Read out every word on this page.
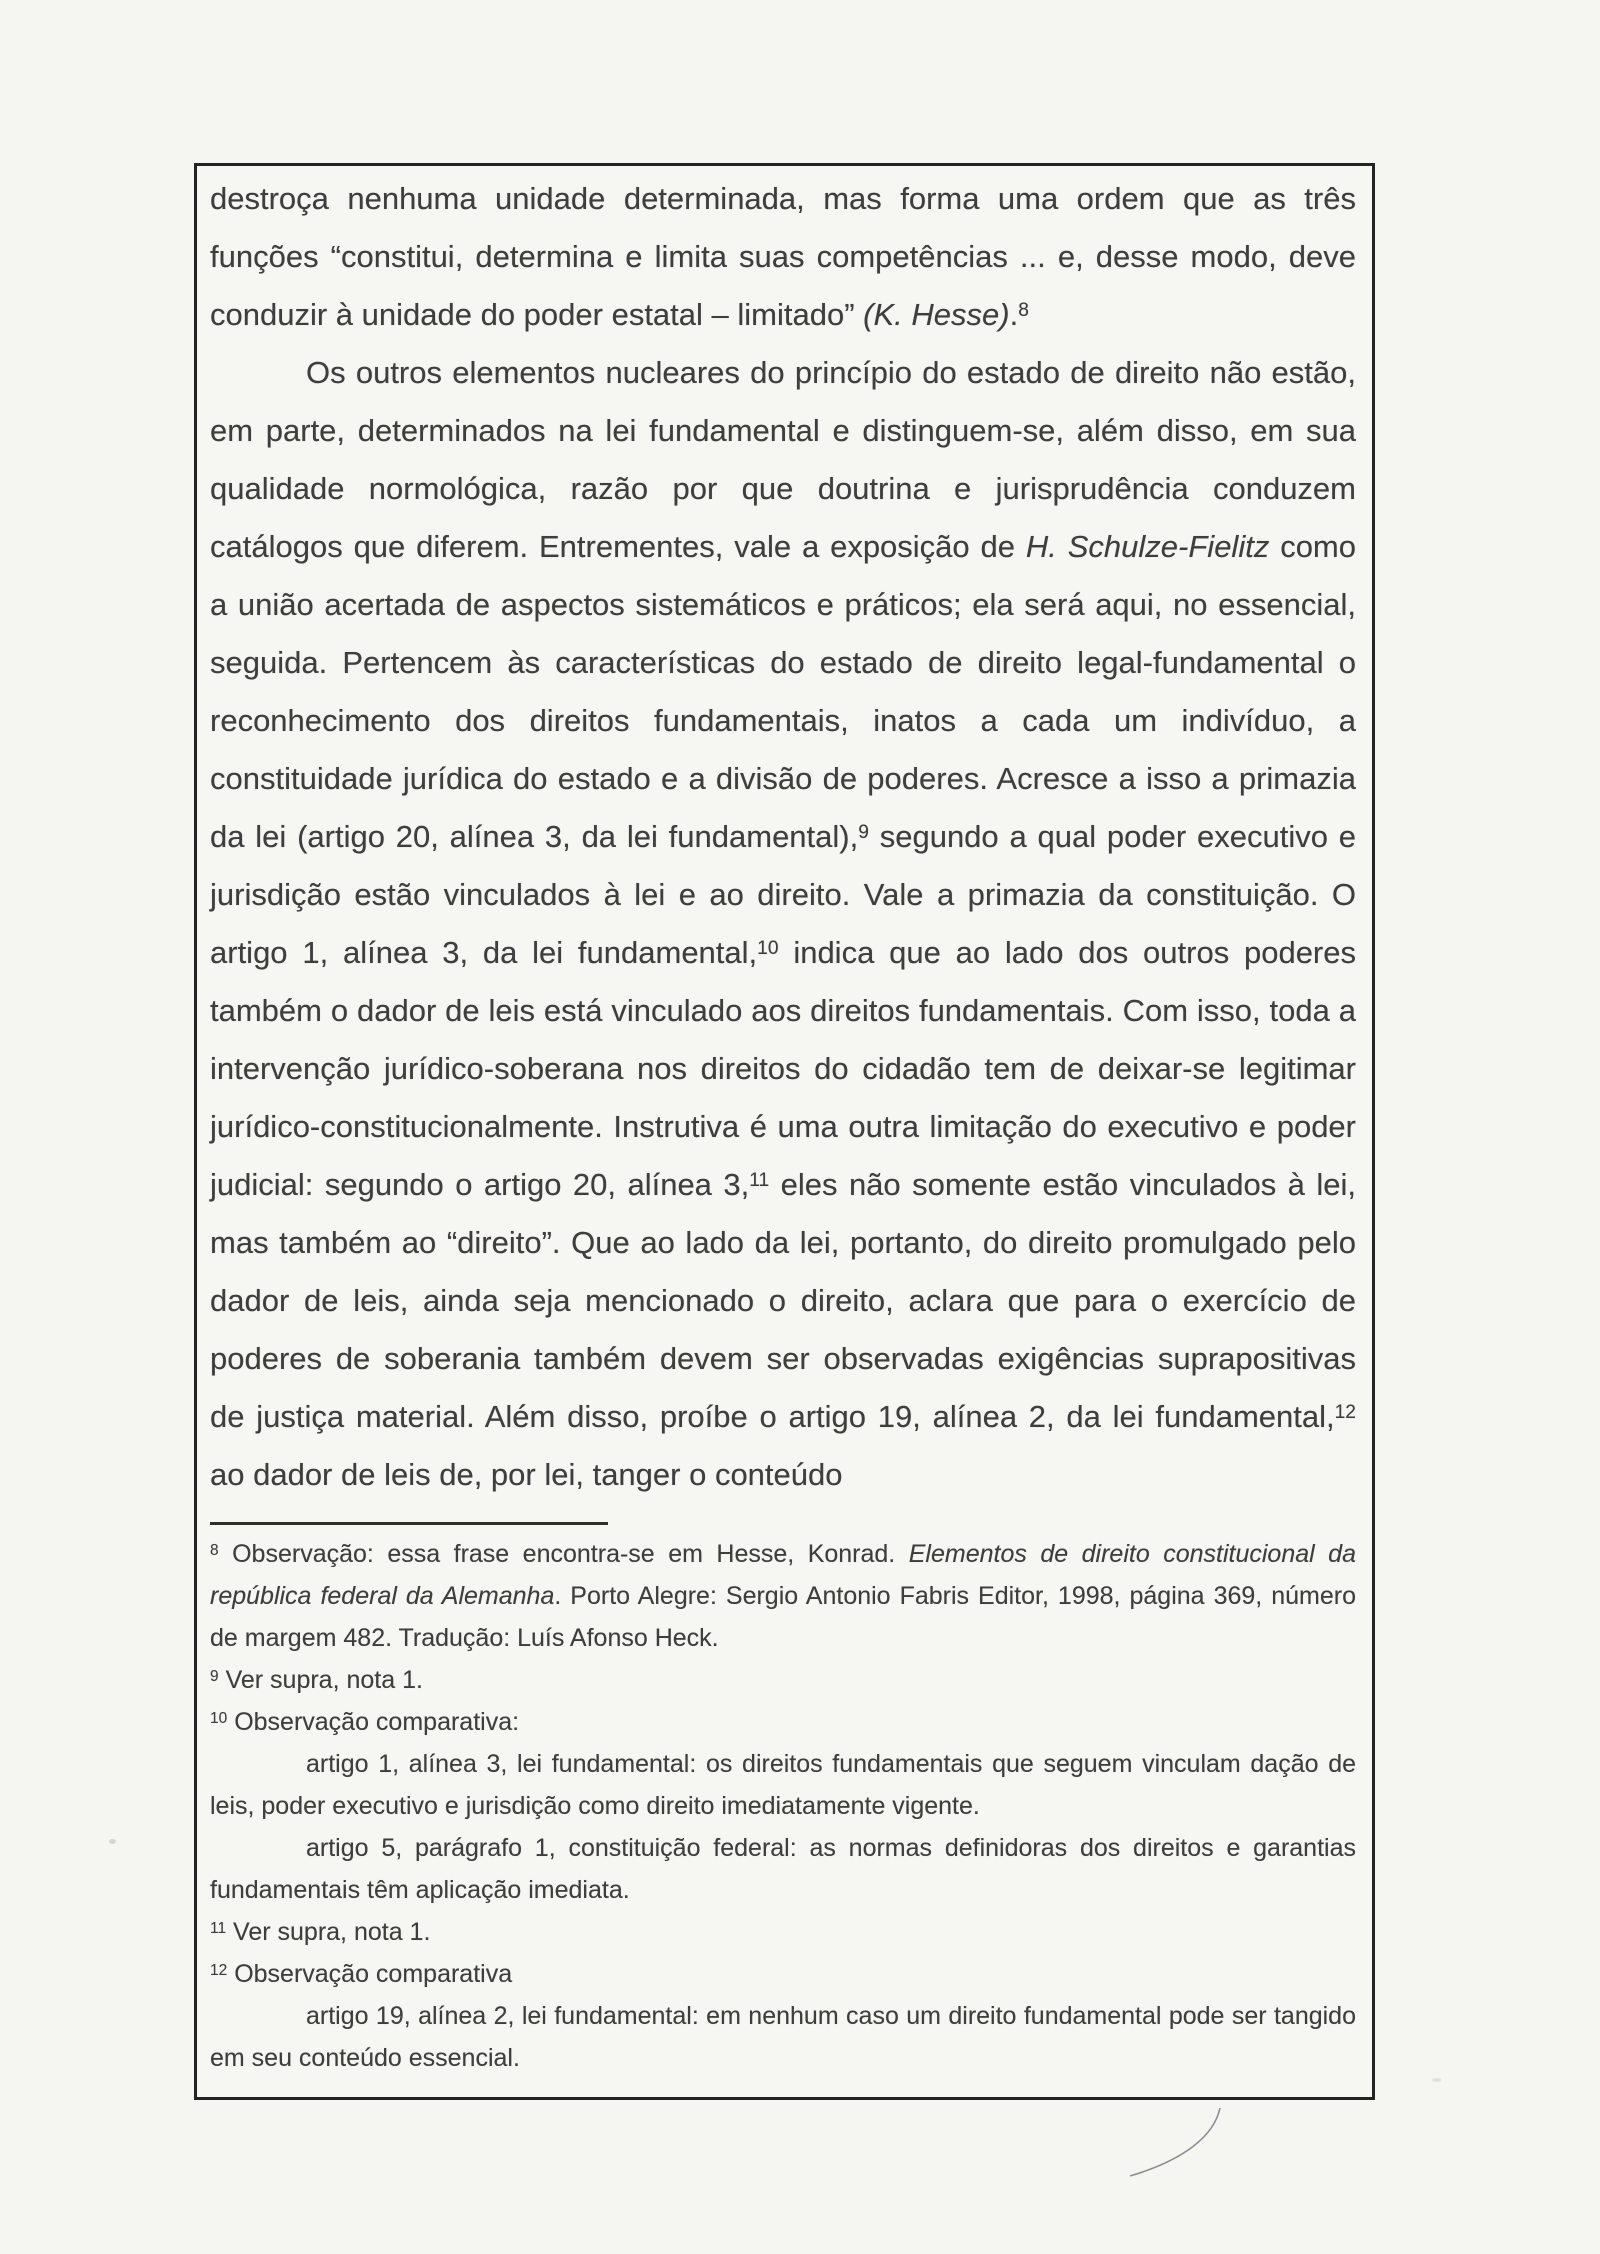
destroça nenhuma unidade determinada, mas forma uma ordem que as três funções “constitui, determina e limita suas competências ... e, desse modo, deve conduzir à unidade do poder estatal – limitado” (K. Hesse).$^8$

Os outros elementos nucleares do princípio do estado de direito não estão, em parte, determinados na lei fundamental e distinguem-se, além disso, em sua qualidade normológica, razão por que doutrina e jurisprudência conduzem catálogos que diferem. Entrementes, vale a exposição de H. Schulze-Fielitz como a união acertada de aspectos sistemáticos e práticos; ela será aqui, no essencial, seguida. Pertencem às características do estado de direito legal-fundamental o reconhecimento dos direitos fundamentais, inatos a cada um indivíduo, a constituidade jurídica do estado e a divisão de poderes. Acresce a isso a primazia da lei (artigo 20, alínea 3, da lei fundamental),$^9$ segundo a qual poder executivo e jurisdição estão vinculados à lei e ao direito. Vale a primazia da constituição. O artigo 1, alínea 3, da lei fundamental,$^{10}$ indica que ao lado dos outros poderes também o dador de leis está vinculado aos direitos fundamentais. Com isso, toda a intervenção jurídico-soberana nos direitos do cidadão tem de deixar-se legitimar jurídico-constitucionalmente. Instrutiva é uma outra limitação do executivo e poder judicial: segundo o artigo 20, alínea 3,11 eles não somente estão vinculados à lei, mas também ao “direito”. Que ao lado da lei, portanto, do direito promulgado pelo dador de leis, ainda seja mencionado o direito, aclara que para o exercício de poderes de soberania também devem ser observadas exigências suprapositivas de justiça material. Além disso, proíbe o artigo 19, alínea 2, da lei fundamental,$^{12}$ ao dador de leis de, por lei, tanger o conteúdo

$^8$ Observação: essa frase encontra-se em Hesse, Konrad. Elementos de direito constitucional da república federal da Alemanha. Porto Alegre: Sergio Antonio Fabris Editor, 1998, página 369, número de margem 482. Tradução: Luís Afonso Heck.

$^9$ Ver supra, nota 1.

$^{10}$ Observação comparativa:

artigo 1, alínea 3, lei fundamental: os direitos fundamentais que seguem vinculam dação de leis, poder executivo e jurisdição como direito imediatamente vigente.

artigo 5, parágrafo 1, constituição federal: as normas definidoras dos direitos e garantias fundamentais têm aplicação imediata.

$^{11}$ Ver supra, nota 1.

$^{12}$ Observação comparativa

artigo 19, alínea 2, lei fundamental: em nenhum caso um direito fundamental pode ser tangido em seu conteúdo essencial.
